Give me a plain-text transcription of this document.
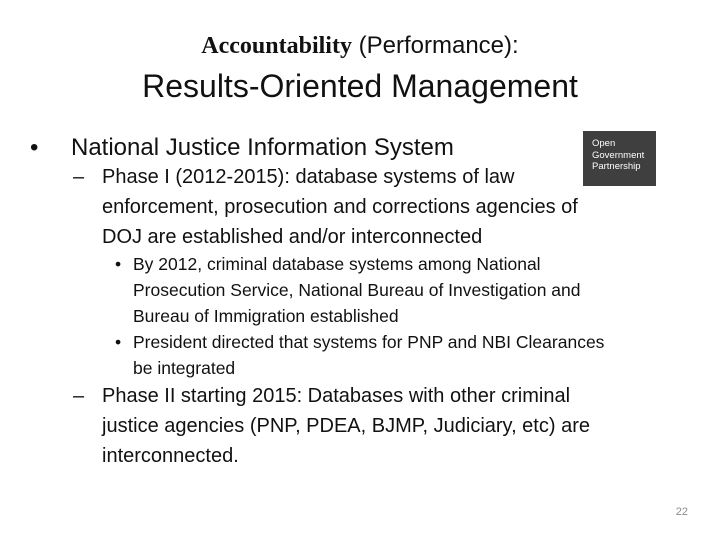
Accountability (Performance):
Results-Oriented Management
Open
Government
Partnership
• National Justice Information System
– Phase I (2012-2015): database systems of law
enforcement, prosecution and corrections agencies of
DOJ are established and/or interconnected
• By 2012, criminal database systems among National
Prosecution Service, National Bureau of Investigation and
Bureau of Immigration established
• President directed that systems for PNP and NBI Clearances
be integrated
– Phase II starting 2015: Databases with other criminal
justice agencies (PNP, PDEA, BJMP, Judiciary, etc) are
interconnected.
22
